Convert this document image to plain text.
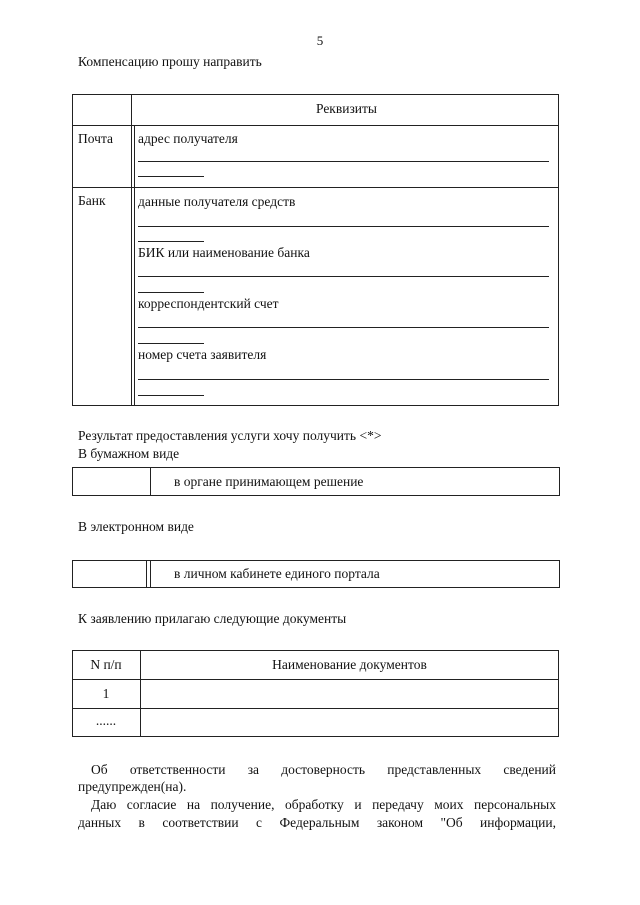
5
Компенсацию прошу направить
Реквизиты
Почта адрес получателя
Банк данные получателя средств
БИК или наименование банка
корреспондентский счет
номер счета заявителя
Результат предоставления услуги хочу получить <*>
В бумажном виде
в органе принимающем решение
В электронном виде
в личном кабинете единого портала
К заявлению прилагаю следующие документы
N п/п	Наименование документов
1
......
Об ответственности за достоверность представленных сведений
предупрежден(на).
Даю согласие на получение, обработку и передачу моих персональных
данных в соответствии с Федеральным законом "Об информации,
